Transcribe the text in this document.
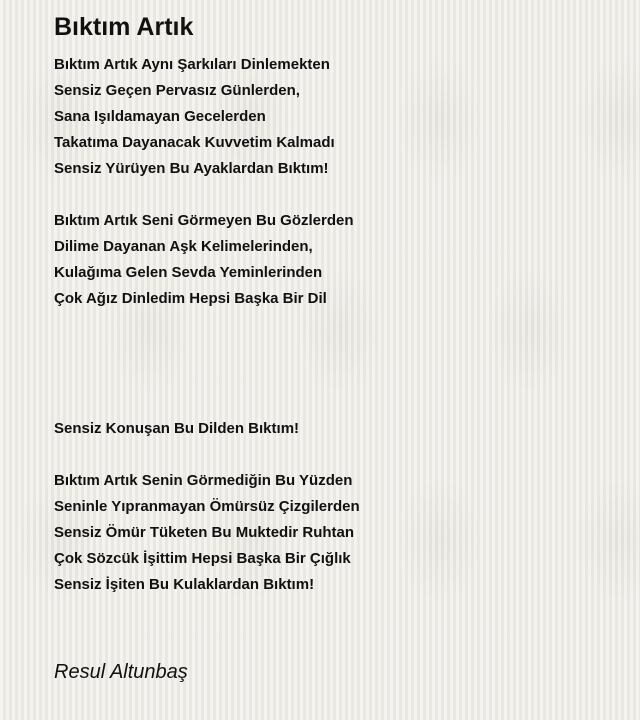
Bıktım Artık
Bıktım Artık Aynı Şarkıları Dinlemekten
Sensiz Geçen Pervasız Günlerden,
Sana Işıldamayan Gecelerden
Takatıma Dayanacak Kuvvetim Kalmadı
Sensiz Yürüyen Bu Ayaklardan Bıktım!
Bıktım Artık Seni Görmeyen Bu Gözlerden
Dilime Dayanan Aşk Kelimelerinden,
Kulağıma Gelen Sevda Yeminlerinden
Çok Ağız Dinledim Hepsi Başka Bir Dil
Sensiz Konuşan Bu Dilden Bıktım!
Bıktım Artık Senin Görmediğin Bu Yüzden
Seninle Yıpranmayan Ömürsüz Çizgilerden
Sensiz Ömür Tüketen Bu Muktedir Ruhtan
Çok Sözcük İşittim Hepsi Başka Bir Çığlık
Sensiz İşiten Bu Kulaklardan Bıktım!
Resul Altunbaş
